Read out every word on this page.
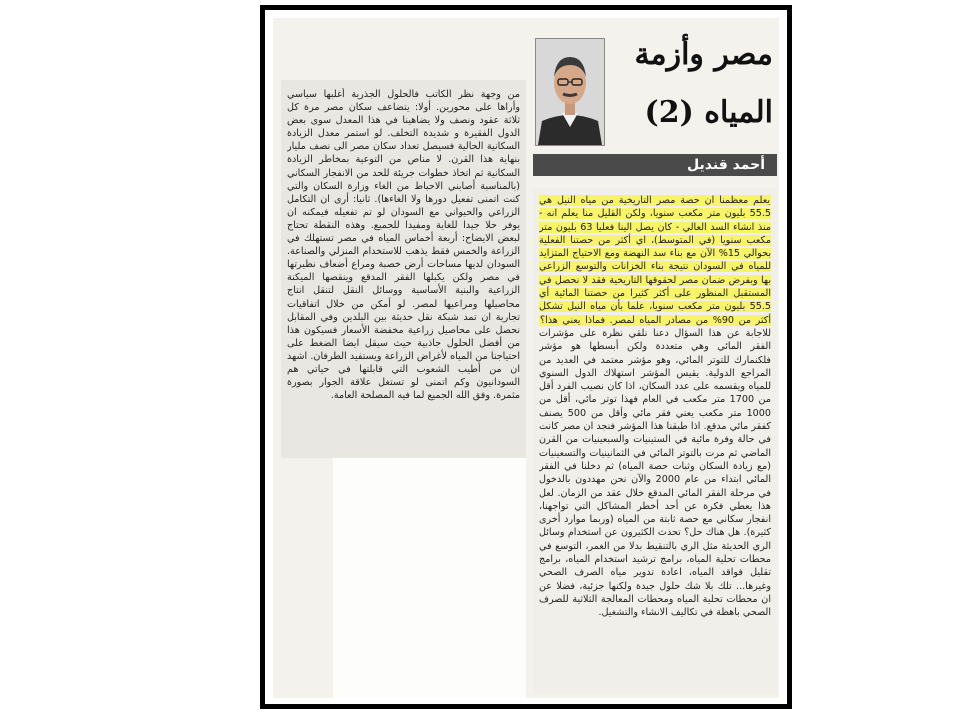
من وجهة نظر الكاتب فالحلول الجذرية أغلبها سياسي وأراها على محورين. أولا: يتضاعف سكان مصر مرة كل ثلاثة عقود ونصف ولا يضاهينا في هذا المعدل سوى بعض الدول الفقيرة و شديدة التخلف. لو استمر معدل الزيادة السكانية الحالية فسيصل تعداد سكان مصر الى نصف مليار بنهاية هذا القرن. لا مناص من التوعية بمخاطر الزيادة السكانية ثم اتخاذ خطوات جريئة للحد من الانفجار السكاني (بالمناسبة أصابني الاحباط من الغاء وزارة السكان والتي كنت اتمنى تفعيل دورها ولا الغاءها). ثانيا: أرى ان التكامل الزراعي والحيواني مع السودان لو تم تفعيله فيمكنه ان يوفر حلا جيدا للغاية ومفيدا للجميع. وهذه النقطة تحتاج لبعض الايضاح: أربعة أخماس المياه في مصر تستهلك في الزراعة والخمس فقط يذهب للاستخدام المنزلي والصناعة. السودان لديها مساحات أرض خصبة ومراع أضعاف نظيرتها في مصر ولكن يكبلها الفقر المدقع وينقصها الميكنة الزراعية والبنية الأساسية ووسائل النقل لتنقل انتاج محاصيلها ومراعيها لمصر. لو أمكن من خلال اتفاقيات تجارية ان تمد شبكة نقل حديثة بين البلدين وفي المقابل نحصل على محاصيل زراعية مخفضة الأسعار فسيكون هذا من أفضل الحلول جاذبية حيث سيقل ايضا الضغط على احتياجنا من المياه لأغراض الزراعة ويستفيد الطرفان. اشهد ان من أطيب الشعوب التي قابلتها في حياتي هم السودانيون وكم اتمنى لو تستغل علاقة الجوار بصورة مثمرة. وفق الله الجميع لما فيه المصلحة العامة.
مصر وأزمة
المياه (2)
أحمد قنديل
يعلم معظمنا ان حصة مصر التاريخية من مياه النيل هي 55.5 بليون متر مكعب سنويا، ولكن القليل منا يعلم انه - منذ انشاء السد العالي - كان يصل الينا فعليا 63 بليون متر مكعب سنويا (في المتوسط)، اي أكثر من حصتنا الفعلية بحوالي 15% الآن مع بناء سد النهضة ومع الاحتياج المتزايد للمياه في السودان نتيجة بناء الخزانات والتوسع الزراعي بها وبفرض ضمان مصر لحقوقها التاريخية فقد لا نحصل في المستقبل المنظور على أكثر كثيرا من حصتنا المائية أي 55.5 بليون متر مكعب سنويا، علما بأن مياه النيل تشكل أكثر من 90% من مصادر المياه لمصر. فماذا يعني هذا؟ للاجابة عن هذا السؤال دعنا نلقي نظرة على مؤشرات الفقر المائي وهي متعددة ولكن أبسطها هو مؤشر فلكنمارك للتوتر المائي، وهو مؤشر معتمد في العديد من المراجع الدولية. يقيس المؤشر استهلاك الدول السنوي للمياه ويقسمه على عدد السكان، اذا كان نصيب الفرد أقل من 1700 متر مكعب في العام فهذا توتر مائي، أقل من 1000 متر مكعب يعني فقر مائي وأقل من 500 يصنف كفقر مائي مدقع. اذا طبقنا هذا المؤشر فنجد ان مصر كانت في حالة وفرة مائية في الستينيات والسبعينيات من القرن الماضي ثم مرت بالتوتر المائي في الثمانينيات والتسعينيات (مع زيادة السكان وثبات حصة المياه) ثم دخلنا في الفقر المائي ابتداء من عام 2000 والآن نحن مهددون بالدخول في مرحلة الفقر المائي المدقع خلال عقد من الزمان. لعل هذا يعطي فكرة عن أحد أخطر المشاكل التي تواجهنا، انفجار سكاني مع حصة ثابتة من المياه (وربما موارد أخرى كثيرة). هل هناك حل؟ تحدث الكثيرون عن استخدام وسائل الري الحديثة مثل الري بالتنقيط بدلا من الغمر، التوسع في محطات تحلية المياه، برامج ترشيد استخدام المياه، برامج تقليل فواقد المياه، اعادة تدوير مياه الصرف الصحي وغيرها... تلك بلا شك حلول جيدة ولكنها جزئية، فضلا عن ان محطات تحلية المياه ومحطات المعالجة الثلاثية للصرف الصحي باهظة في تكاليف الانشاء والتشغيل.
